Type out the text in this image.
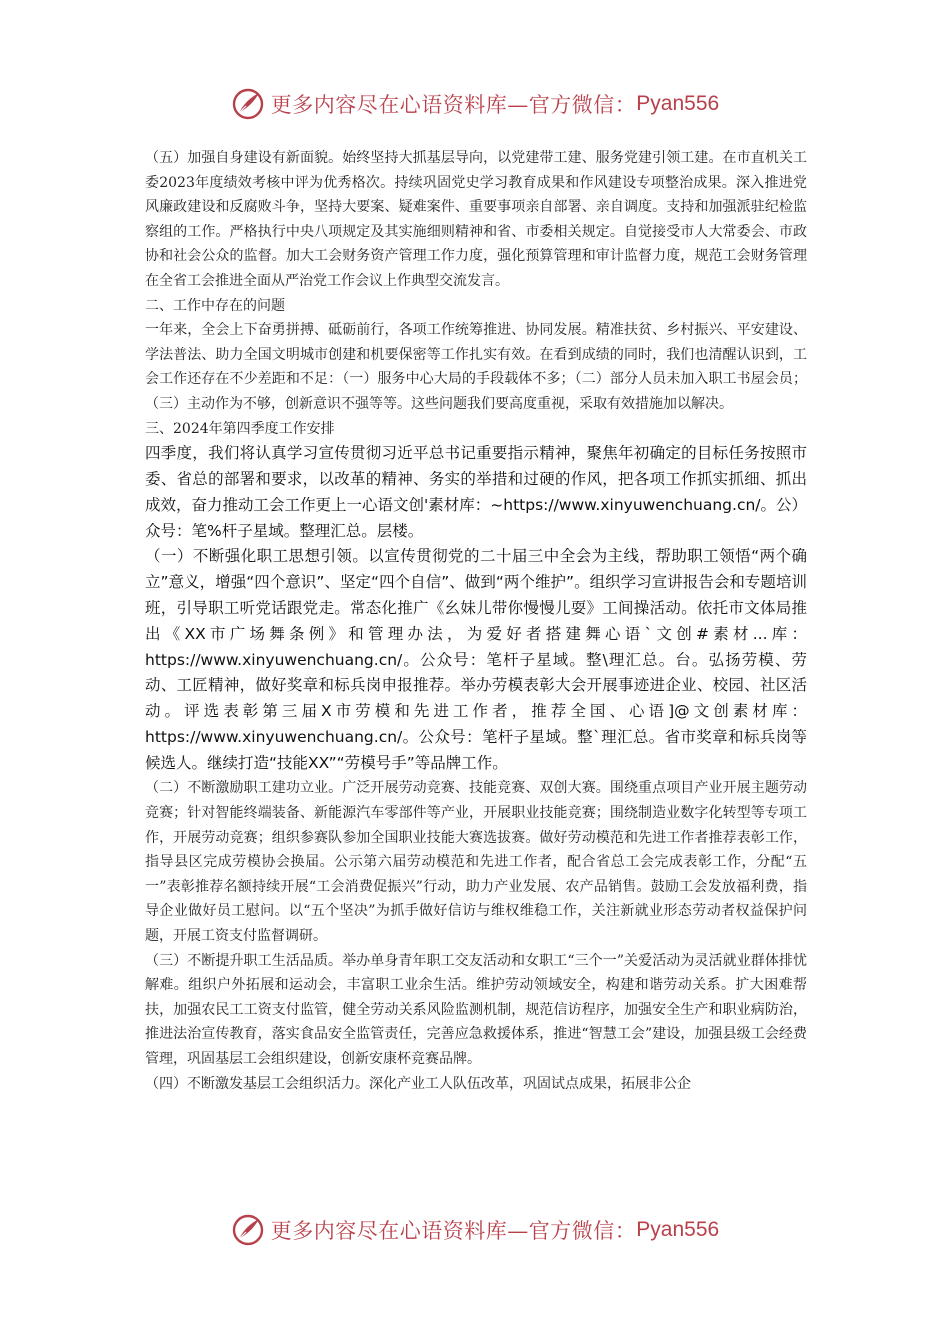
更多内容尽在心语资料库—官方微信： Pyan556

（五）加强自身建设有新面貌。始终坚持大抓基层导向，以党建带工建、服务党建引领工建。在市直机关工委2023年度绩效考核中评为优秀格次。持续巩固党史学习教育成果和作风建设专项整治成果。深入推进党风廉政建设和反腐败斗争，坚持大要案、疑难案件、重要事项亲自部署、亲自调度。支持和加强派驻纪检监察组的工作。严格执行中央八项规定及其实施细则精神和省、市委相关规定。自觉接受市人大常委会、市政协和社会公众的监督。加大工会财务资产管理工作力度，强化预算管理和审计监督力度，规范工会财务管理在全省工会推进全面从严治党工作会议上作典型交流发言。

二、工作中存在的问题

一年来，全会上下奋勇拼搏、砥砺前行，各项工作统筹推进、协同发展。精准扶贫、乡村振兴、平安建设、学法普法、助力全国文明城市创建和机要保密等工作扎实有效。在看到成绩的同时，我们也清醒认识到，工会工作还存在不少差距和不足：（一）服务中心大局的手段载体不多；（二）部分人员未加入职工书屋会员；（三）主动作为不够，创新意识不强等等。这些问题我们要高度重视，采取有效措施加以解决。

三、2024年第四季度工作安排

四季度，我们将认真学习宣传贯彻习近平总书记重要指示精神，聚焦年初确定的目标任务按照市委、省总的部署和要求，以改革的精神、务实的举措和过硬的作风，把各项工作抓实抓细、抓出成效，奋力推动工会工作更上一心语文创'素材库：~https://www.xinyuwenchuang.cn/。公）众号：笔%杆子星域。整理汇总。层楼。

（一）不断强化职工思想引领。以宣传贯彻党的二十届三中全会为主线，帮助职工领悟“两个确立”意义，增强“四个意识”、坚定“四个自信”、做到“两个维护”。组织学习宣讲报告会和专题培训班，引导职工听党话跟党走。常态化推广《幺妹儿带你慢慢儿耍》工间操活动。依托市文体局推出《XX市广场舞条例》和管理办法，为爱好者搭建舞心语`文创#素材...库：https://www.xinyuwenchuang.cn/。公众号：笔杆子星域。整\理汇总。台。弘扬劳模、劳动、工匠精神，做好奖章和标兵岗申报推荐。举办劳模表彰大会开展事迹进企业、校园、社区活动。评选表彰第三届X市劳模和先进工作者，推荐全国、心语]@文创素材库：https://www.xinyuwenchuang.cn/。公众号：笔杆子星域。整`理汇总。省市奖章和标兵岗等候选人。继续打造“技能XX”“劳模号手”等品牌工作。

（二）不断激励职工建功立业。广泛开展劳动竞赛、技能竞赛、双创大赛。围绕重点项目产业开展主题劳动竞赛；针对智能终端装备、新能源汽车零部件等产业，开展职业技能竞赛；围绕制造业数字化转型等专项工作，开展劳动竞赛；组织参赛队参加全国职业技能大赛选拔赛。做好劳动模范和先进工作者推荐表彰工作，指导县区完成劳模协会换届。公示第六届劳动模范和先进工作者，配合省总工会完成表彰工作，分配“五一”表彰推荐名额持续开展“工会消费促振兴”行动，助力产业发展、农产品销售。鼓励工会发放福利费，指导企业做好员工慰问。以“五个坚决”为抓手做好信访与维权维稳工作，关注新就业形态劳动者权益保护问题，开展工资支付监督调研。

（三）不断提升职工生活品质。举办单身青年职工交友活动和女职工“三个一”关爱活动为灵活就业群体排忧解难。组织户外拓展和运动会，丰富职工业余生活。维护劳动领域安全，构建和谐劳动关系。扩大困难帮扶，加强农民工工资支付监管，健全劳动关系风险监测机制，规范信访程序，加强安全生产和职业病防治，推进法治宣传教育，落实食品安全监管责任，完善应急救援体系，推进“智慧工会”建设，加强县级工会经费管理，巩固基层工会组织建设，创新安康杯竞赛品牌。

（四）不断激发基层工会组织活力。深化产业工人队伍改革，巩固试点成果，拓展非公企

更多内容尽在心语资料库—官方微信： Pyan556
